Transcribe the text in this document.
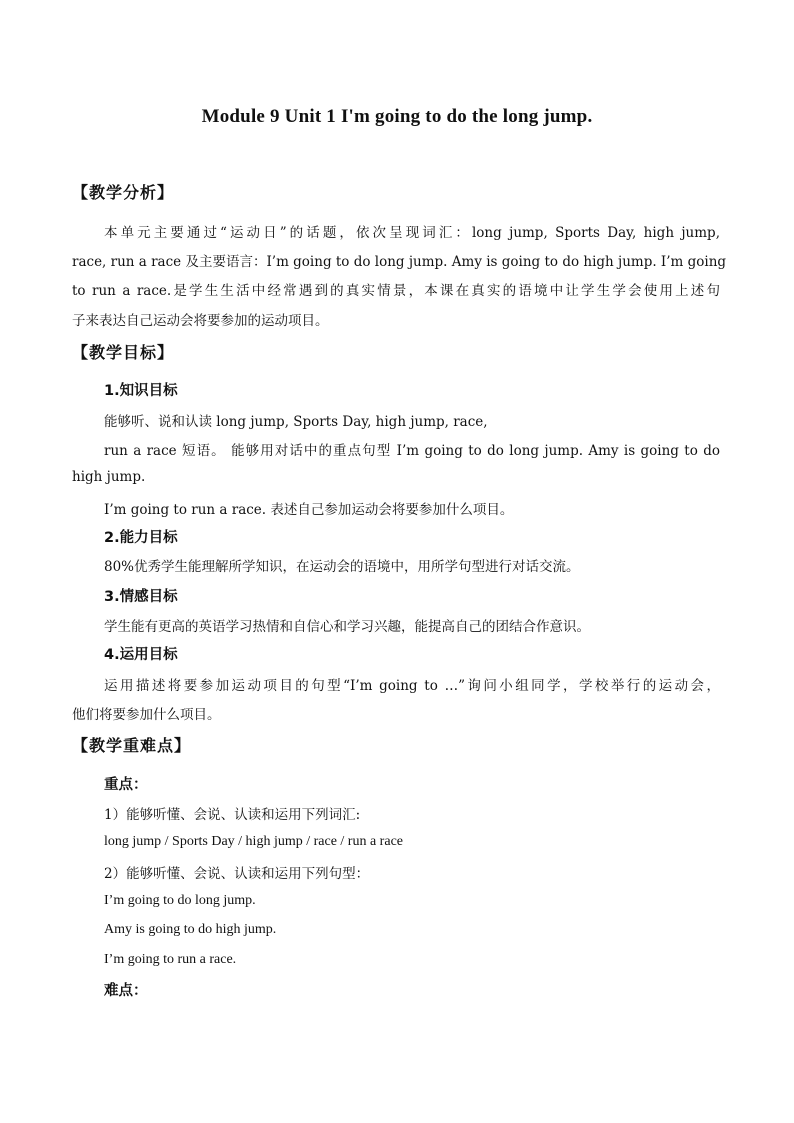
Module 9 Unit 1 I'm going to do the long jump.
【教学分析】
本单元主要通过“运动日”的话题，依次呈现词汇：long jump, Sports Day, high jump,
race, run a race 及主要语言：I’m going to do long jump. Amy is going to do high jump. I’m going
to run a race.是学生生活中经常遇到的真实情景，本课在真实的语境中让学生学会使用上述句
子来表达自己运动会将要参加的运动项目。
【教学目标】
1.知识目标
能够听、说和认读 long jump, Sports Day, high jump, race,
run a race 短语。 能够用对话中的重点句型 I’m going to do long jump. Amy is going to do
high jump.
I’m going to run a race. 表述自己参加运动会将要参加什么项目。
2.能力目标
80%优秀学生能理解所学知识，在运动会的语境中，用所学句型进行对话交流。
3.情感目标
学生能有更高的英语学习热情和自信心和学习兴趣，能提高自己的团结合作意识。
4.运用目标
运用描述将要参加运动项目的句型“I’m going to …”询问小组同学，学校举行的运动会，
他们将要参加什么项目。
【教学重难点】
重点：
1）能够听懂、会说、认读和运用下列词汇:
long jump / Sports Day / high jump / race / run a race
2）能够听懂、会说、认读和运用下列句型：
I’m going to do long jump.
Amy is going to do high jump.
I’m going to run a race.
难点：
